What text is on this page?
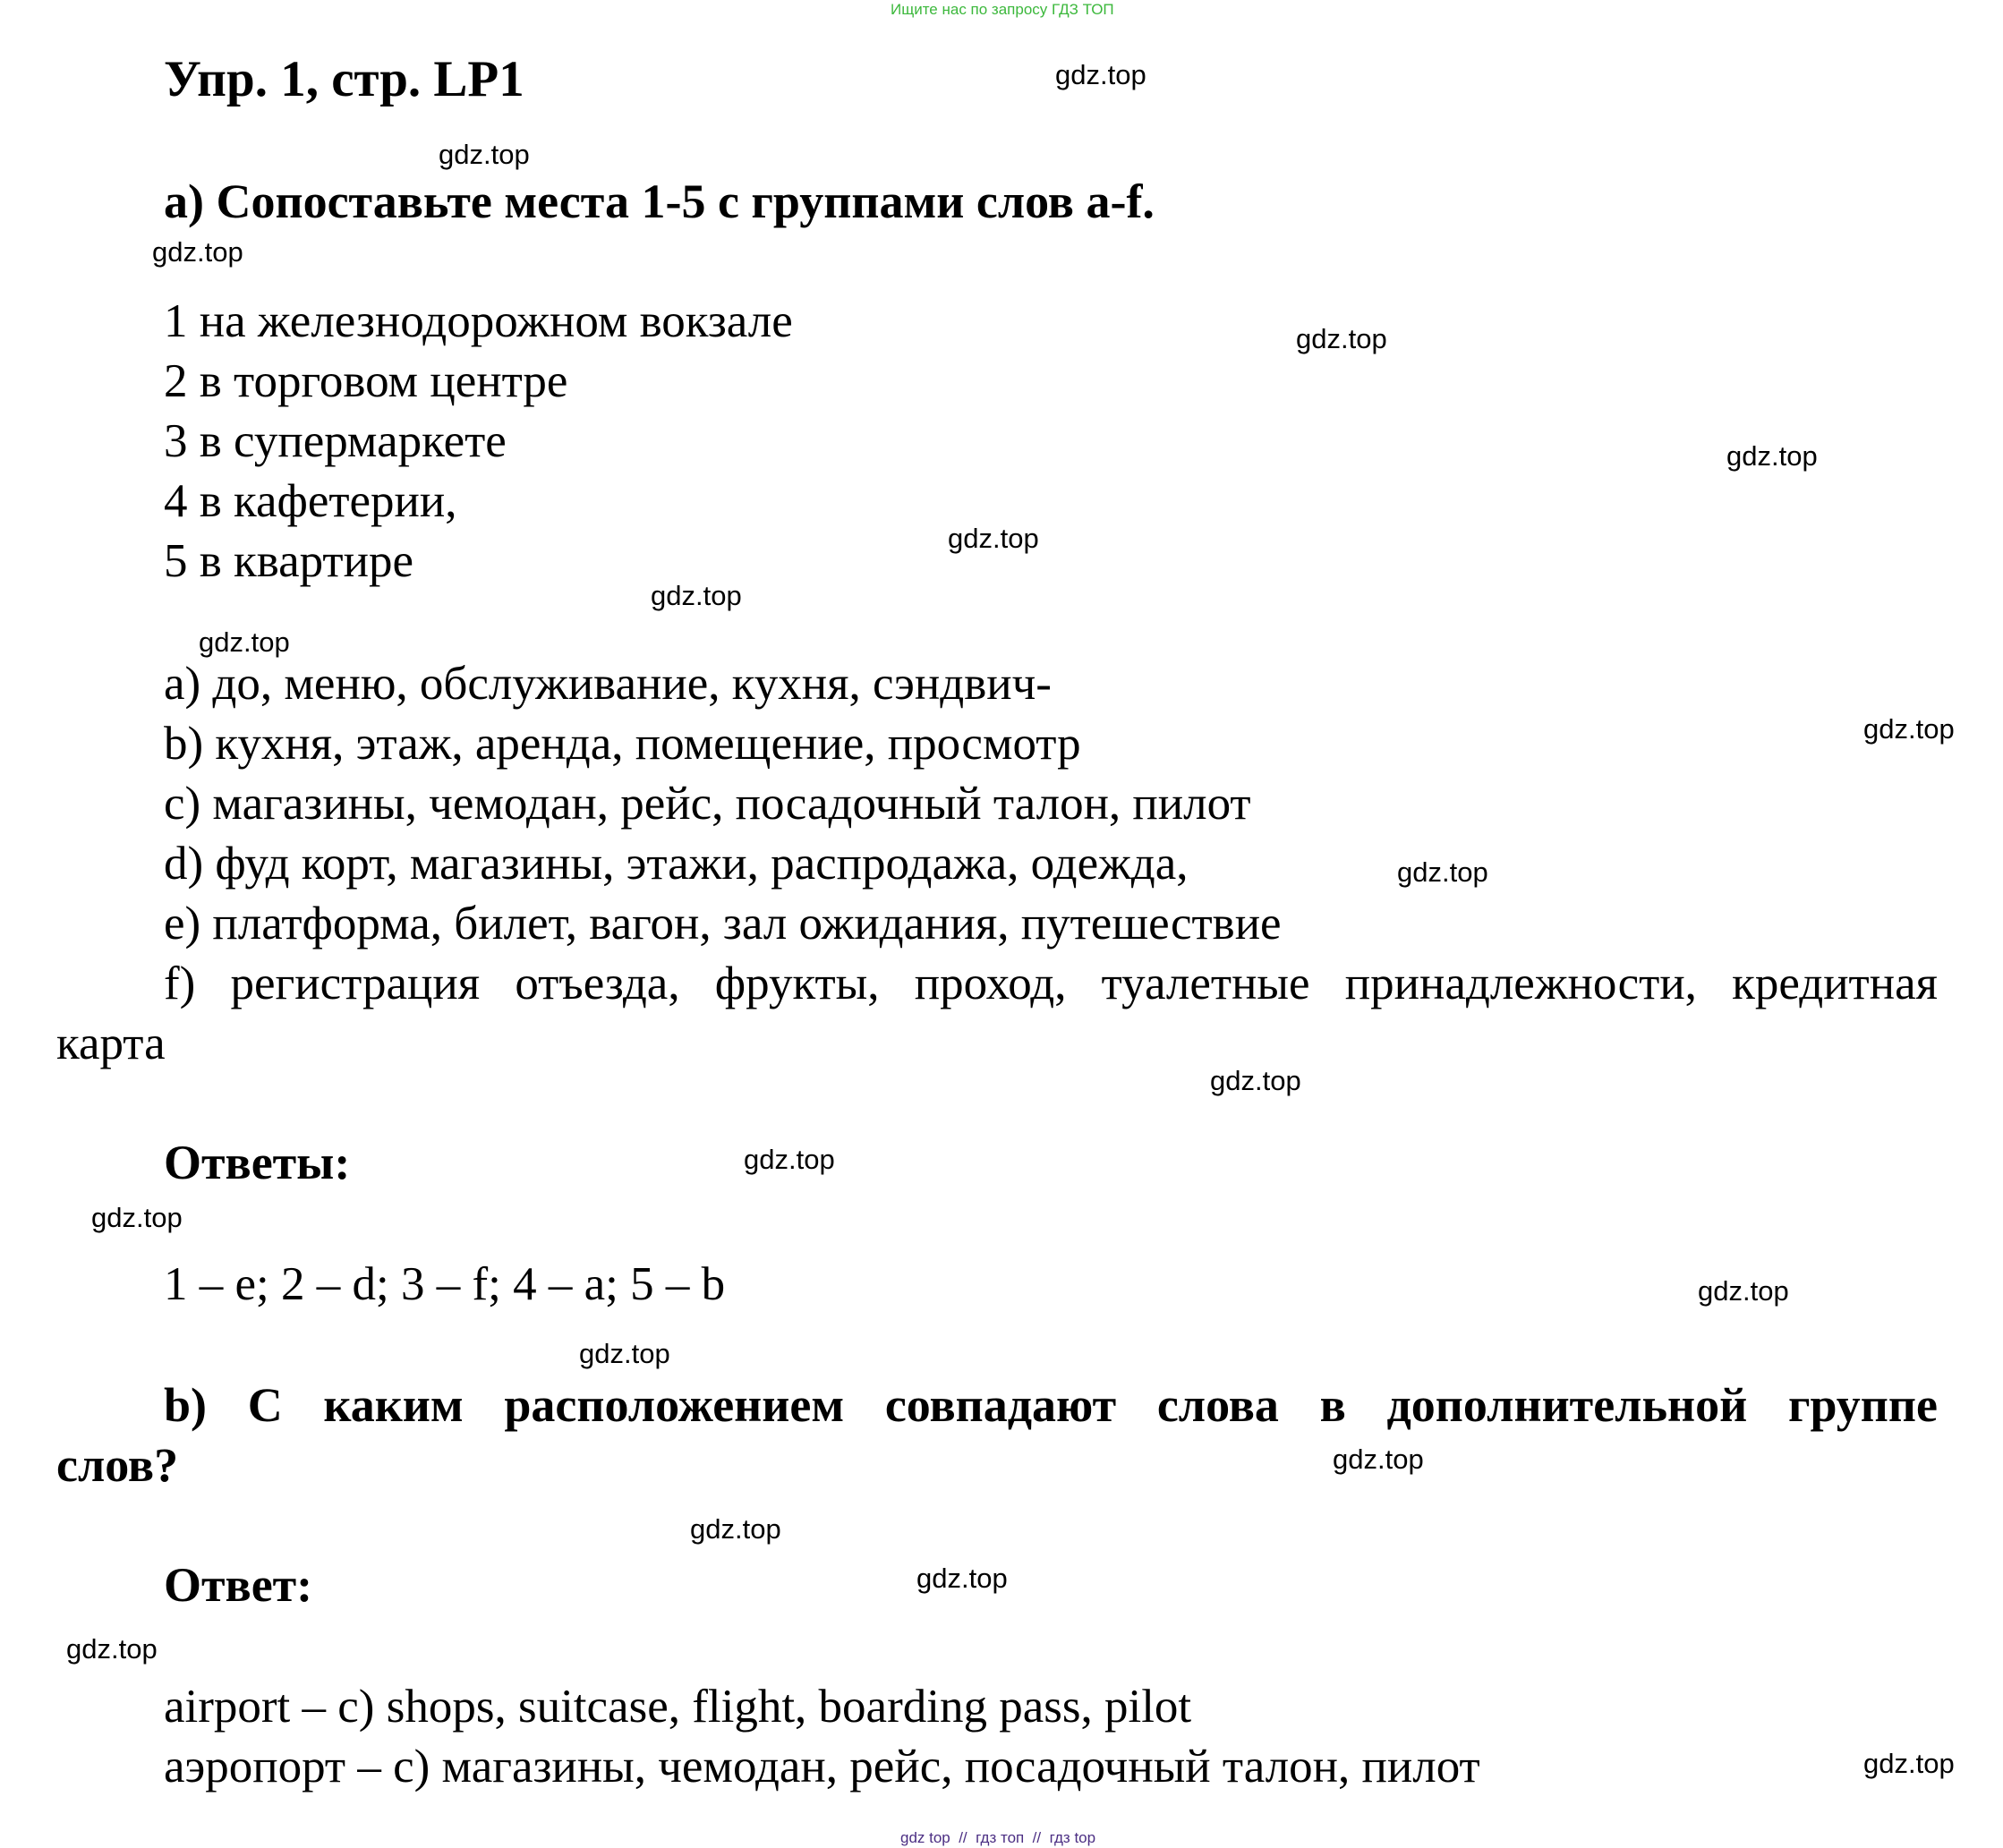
Ищите нас по запросу ГДЗ ТОП
Упр. 1, стр. LP1
а) Сопоставьте места 1-5 с группами слов a-f.
1 на железнодорожном вокзале
2 в торговом центре
3 в супермаркете
4 в кафетерии,
5 в квартире
a) до, меню, обслуживание, кухня, сэндвич-
b) кухня, этаж, аренда, помещение, просмотр
c) магазины, чемодан, рейс, посадочный талон, пилот
d) фуд корт, магазины, этажи, распродажа, одежда,
e) платформа, билет, вагон, зал ожидания, путешествие
f) регистрация отъезда, фрукты, проход, туалетные принадлежности, кредитная
карта
Ответы:
1 – e; 2 – d; 3 – f; 4 – a; 5 – b
b) С каким расположением совпадают слова в дополнительной группе
слов?
Ответ:
airport – c) shops, suitcase, flight, boarding pass, pilot
аэропорт – c) магазины, чемодан, рейс, посадочный талон, пилот
gdz.top
gdz.top
gdz.top
gdz.top
gdz.top
gdz.top
gdz.top
gdz.top
gdz.top
gdz.top
gdz.top
gdz.top
gdz.top
gdz.top
gdz.top
gdz.top
gdz.top
gdz.top
gdz.top
gdz.top
gdz top  //  гдз топ  //  гдз top
